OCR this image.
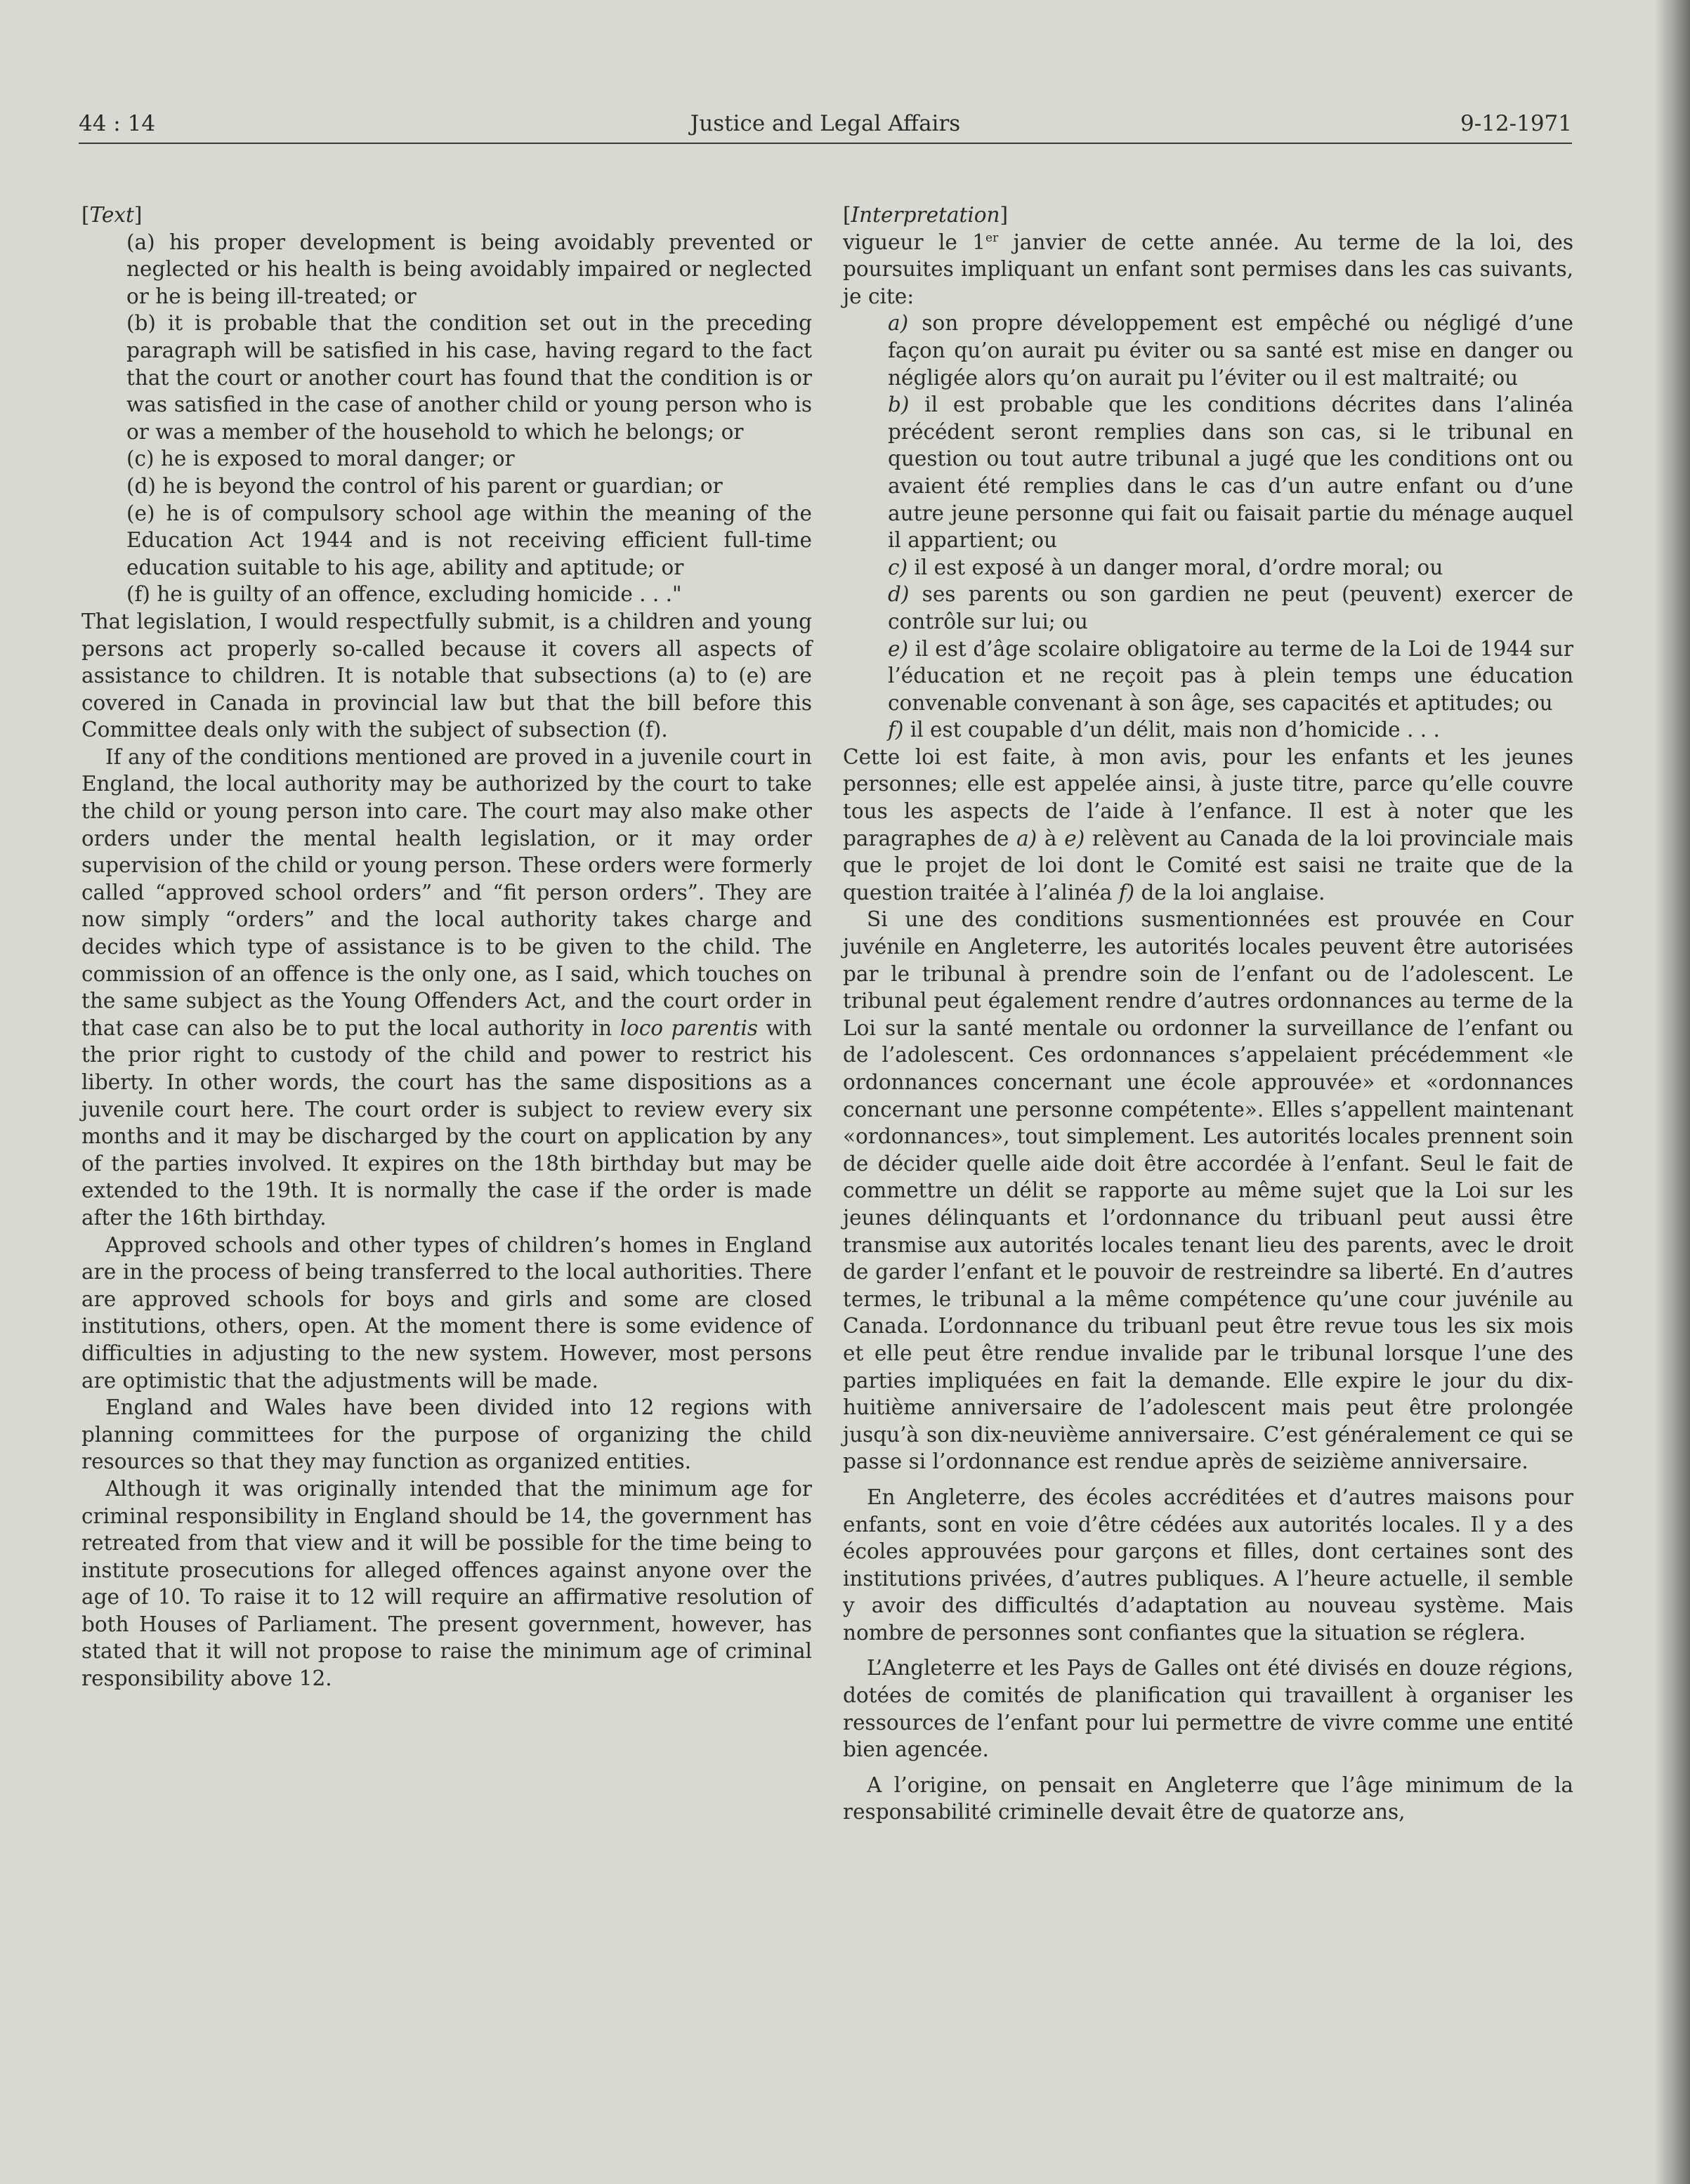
44 : 14	Justice and Legal Affairs	9-12-1971

[Text]

(a) his proper development is being avoidably prevented or neglected or his health is being avoidably impaired or neglected or he is being ill-treated; or

(b) it is probable that the condition set out in the preceding paragraph will be satisfied in his case, having regard to the fact that the court or another court has found that the condition is or was satisfied in the case of another child or young person who is or was a member of the household to which he belongs; or

(c) he is exposed to moral danger; or

(d) he is beyond the control of his parent or guardian; or

(e) he is of compulsory school age within the meaning of the Education Act 1944 and is not receiving efficient full-time education suitable to his age, ability and aptitude; or

(f) he is guilty of an offence, excluding homicide . . ."

That legislation, I would respectfully submit, is a children and young persons act properly so-called because it covers all aspects of assistance to children. It is notable that subsections (a) to (e) are covered in Canada in provincial law but that the bill before this Committee deals only with the subject of subsection (f).

If any of the conditions mentioned are proved in a juvenile court in England, the local authority may be authorized by the court to take the child or young person into care. The court may also make other orders under the mental health legislation, or it may order supervision of the child or young person. These orders were formerly called “approved school orders” and “fit person orders”. They are now simply “orders” and the local authority takes charge and decides which type of assistance is to be given to the child. The commission of an offence is the only one, as I said, which touches on the same subject as the Young Offenders Act, and the court order in that case can also be to put the local authority in loco parentis with the prior right to custody of the child and power to restrict his liberty. In other words, the court has the same dispositions as a juvenile court here. The court order is subject to review every six months and it may be discharged by the court on application by any of the parties involved. It expires on the 18th birthday but may be extended to the 19th. It is normally the case if the order is made after the 16th birthday.

Approved schools and other types of children’s homes in England are in the process of being transferred to the local authorities. There are approved schools for boys and girls and some are closed institutions, others, open. At the moment there is some evidence of difficulties in adjusting to the new system. However, most persons are optimistic that the adjustments will be made.

England and Wales have been divided into 12 regions with planning committees for the purpose of organizing the child resources so that they may function as organized entities.

Although it was originally intended that the minimum age for criminal responsibility in England should be 14, the government has retreated from that view and it will be possible for the time being to institute prosecutions for alleged offences against anyone over the age of 10. To raise it to 12 will require an affirmative resolution of both Houses of Parliament. The present government, however, has stated that it will not propose to raise the minimum age of criminal responsibility above 12.

[Interpretation]

vigueur le 1er janvier de cette année. Au terme de la loi, des poursuites impliquant un enfant sont permises dans les cas suivants, je cite:

a) son propre développement est empêché ou négligé d’une façon qu’on aurait pu éviter ou sa santé est mise en danger ou négligée alors qu’on aurait pu l’éviter ou il est maltraité; ou

b) il est probable que les conditions décrites dans l’alinéa précédent seront remplies dans son cas, si le tribunal en question ou tout autre tribunal a jugé que les conditions ont ou avaient été remplies dans le cas d’un autre enfant ou d’une autre jeune personne qui fait ou faisait partie du ménage auquel il appartient; ou

c) il est exposé à un danger moral, d’ordre moral; ou

d) ses parents ou son gardien ne peut (peuvent) exercer de contrôle sur lui; ou

e) il est d’âge scolaire obligatoire au terme de la Loi de 1944 sur l’éducation et ne reçoit pas à plein temps une éducation convenable convenant à son âge, ses capacités et aptitudes; ou

f) il est coupable d’un délit, mais non d’homicide . . .

Cette loi est faite, à mon avis, pour les enfants et les jeunes personnes; elle est appelée ainsi, à juste titre, parce qu’elle couvre tous les aspects de l’aide à l’enfance. Il est à noter que les paragraphes de a) à e) relèvent au Canada de la loi provinciale mais que le projet de loi dont le Comité est saisi ne traite que de la question traitée à l’alinéa f) de la loi anglaise.

Si une des conditions susmentionnées est prouvée en Cour juvénile en Angleterre, les autorités locales peuvent être autorisées par le tribunal à prendre soin de l’enfant ou de l’adolescent. Le tribunal peut également rendre d’autres ordonnances au terme de la Loi sur la santé mentale ou ordonner la surveillance de l’enfant ou de l’adolescent. Ces ordonnances s’appelaient précédemment «le ordonnances concernant une école approuvée» et «ordonnances concernant une personne compétente». Elles s’appellent maintenant «ordonnances», tout simplement. Les autorités locales prennent soin de décider quelle aide doit être accordée à l’enfant. Seul le fait de commettre un délit se rapporte au même sujet que la Loi sur les jeunes délinquants et l’ordonnance du tribuanl peut aussi être transmise aux autorités locales tenant lieu des parents, avec le droit de garder l’enfant et le pouvoir de restreindre sa liberté. En d’autres termes, le tribunal a la même compétence qu’une cour juvénile au Canada. L’ordonnance du tribuanl peut être revue tous les six mois et elle peut être rendue invalide par le tribunal lorsque l’une des parties impliquées en fait la demande. Elle expire le jour du dix-huitième anniversaire de l’adolescent mais peut être prolongée jusqu’à son dix-neuvième anniversaire. C’est généralement ce qui se passe si l’ordonnance est rendue après de seizième anniversaire.

En Angleterre, des écoles accréditées et d’autres maisons pour enfants, sont en voie d’être cédées aux autorités locales. Il y a des écoles approuvées pour garçons et filles, dont certaines sont des institutions privées, d’autres publiques. A l’heure actuelle, il semble y avoir des difficultés d’adaptation au nouveau système. Mais nombre de personnes sont confiantes que la situation se réglera.

L’Angleterre et les Pays de Galles ont été divisés en douze régions, dotées de comités de planification qui travaillent à organiser les ressources de l’enfant pour lui permettre de vivre comme une entité bien agencée.

A l’origine, on pensait en Angleterre que l’âge minimum de la responsabilité criminelle devait être de quatorze ans,
